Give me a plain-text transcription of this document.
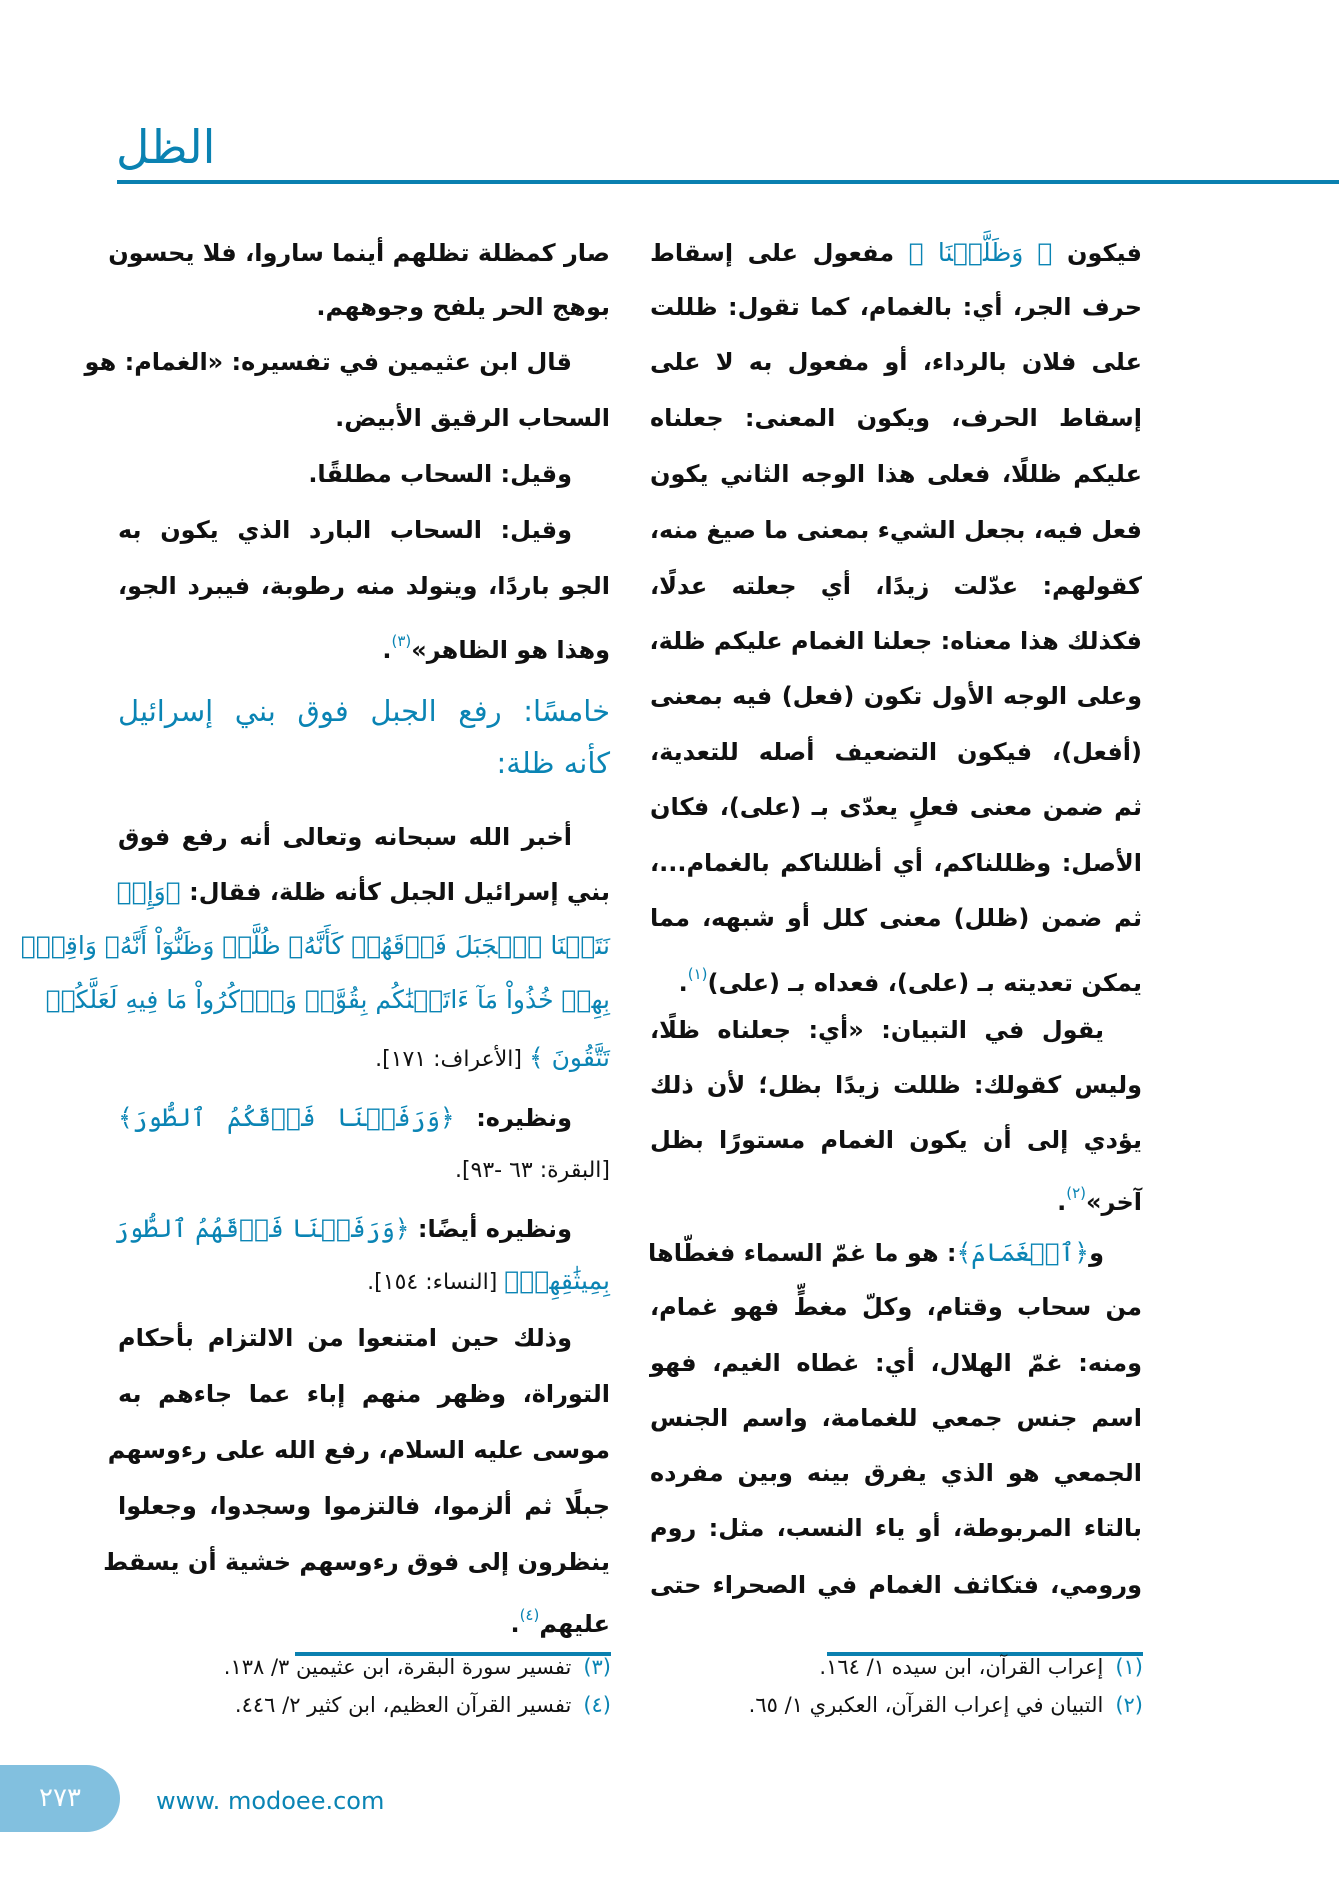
الظل
فيكون ﴿ وَظَلَّلۡنَا ﴾ مفعول على إسقاط
حرف الجر، أي: بالغمام، كما تقول: ظللت
على فلان بالرداء، أو مفعول به لا على
إسقاط الحرف، ويكون المعنى: جعلناه
عليكم ظللًا، فعلى هذا الوجه الثاني يكون
فعل فيه، بجعل الشيء بمعنى ما صيغ منه،
كقولهم: عدّلت زيدًا، أي جعلته عدلًا،
فكذلك هذا معناه: جعلنا الغمام عليكم ظلة،
وعلى الوجه الأول تكون (فعل) فيه بمعنى
(أفعل)، فيكون التضعيف أصله للتعدية،
ثم ضمن معنى فعلٍ يعدّى بـ (على)، فكان
الأصل: وظللناكم، أي أظللناكم بالغمام...،
ثم ضمن (ظلل) معنى كلل أو شبهه، مما
يمكن تعديته بـ (على)، فعداه بـ (على)$^{(١)}$.
يقول في التبيان: «أي: جعلناه ظلًا،
وليس كقولك: ظللت زيدًا بظل؛ لأن ذلك
يؤدي إلى أن يكون الغمام مستورًا بظل
آخر»$^{(٢)}$.
و﴿ٱلۡغَمَامَ﴾: هو ما غمّ السماء فغطّاها
من سحاب وقتام، وكلّ مغطٍّ فهو غمام،
ومنه: غمّ الهلال، أي: غطاه الغيم، فهو
اسم جنس جمعي للغمامة، واسم الجنس
الجمعي هو الذي يفرق بينه وبين مفرده
بالتاء المربوطة، أو ياء النسب، مثل: روم
ورومي، فتكاثف الغمام في الصحراء حتى
صار كمظلة تظلهم أينما ساروا، فلا يحسون
بوهج الحر يلفح وجوههم.
قال ابن عثيمين في تفسيره: «الغمام: هو
السحاب الرقيق الأبيض.
وقيل: السحاب مطلقًا.
وقيل: السحاب البارد الذي يكون به
الجو باردًا، ويتولد منه رطوبة، فيبرد الجو،
وهذا هو الظاهر»$^{(٣)}$.
خامسًا: رفع الجبل فوق بني إسرائيل
كأنه ظلة:
أخبر الله سبحانه وتعالى أنه رفع فوق
بني إسرائيل الجبل كأنه ظلة، فقال: ﴿وَإِذۡ
نَتَقۡنَا ٱلۡجَبَلَ فَوۡقَهُمۡ كَأَنَّهُۥ ظُلَّةٞ وَظَنُّوٓاْ أَنَّهُۥ وَاقِعُۢ
بِهِمۡ خُذُواْ مَآ ءَاتَيۡنَٰكُم بِقُوَّةٖ وَٱذۡكُرُواْ مَا فِيهِ لَعَلَّكُمۡ
تَتَّقُونَ ﴾ [الأعراف: ١٧١].
ونظيره: ﴿وَرَفَعۡنَا فَوۡقَكُمُ ٱلطُّورَ﴾
[البقرة: ٦٣ -٩٣].
ونظيره أيضًا: ﴿وَرَفَعۡنَا فَوۡقَهُمُ ٱلطُّورَ
بِمِيثَٰقِهِمۡ﴾ [النساء: ١٥٤].
وذلك حين امتنعوا من الالتزام بأحكام
التوراة، وظهر منهم إباء عما جاءهم به
موسى عليه السلام، رفع الله على رءوسهم
جبلًا ثم ألزموا، فالتزموا وسجدوا، وجعلوا
ينظرون إلى فوق رءوسهم خشية أن يسقط
عليهم$^{(٤)}$.
٢٧٣	www. modoee.com
(١)إعراب القرآن، ابن سيده ١/ ١٦٤.
(٢)التبيان في إعراب القرآن، العكبري ١/ ٦٥.
(٣)تفسير سورة البقرة، ابن عثيمين ٣/ ١٣٨.
(٤)تفسير القرآن العظيم، ابن كثير ٢/ ٤٤٦.
